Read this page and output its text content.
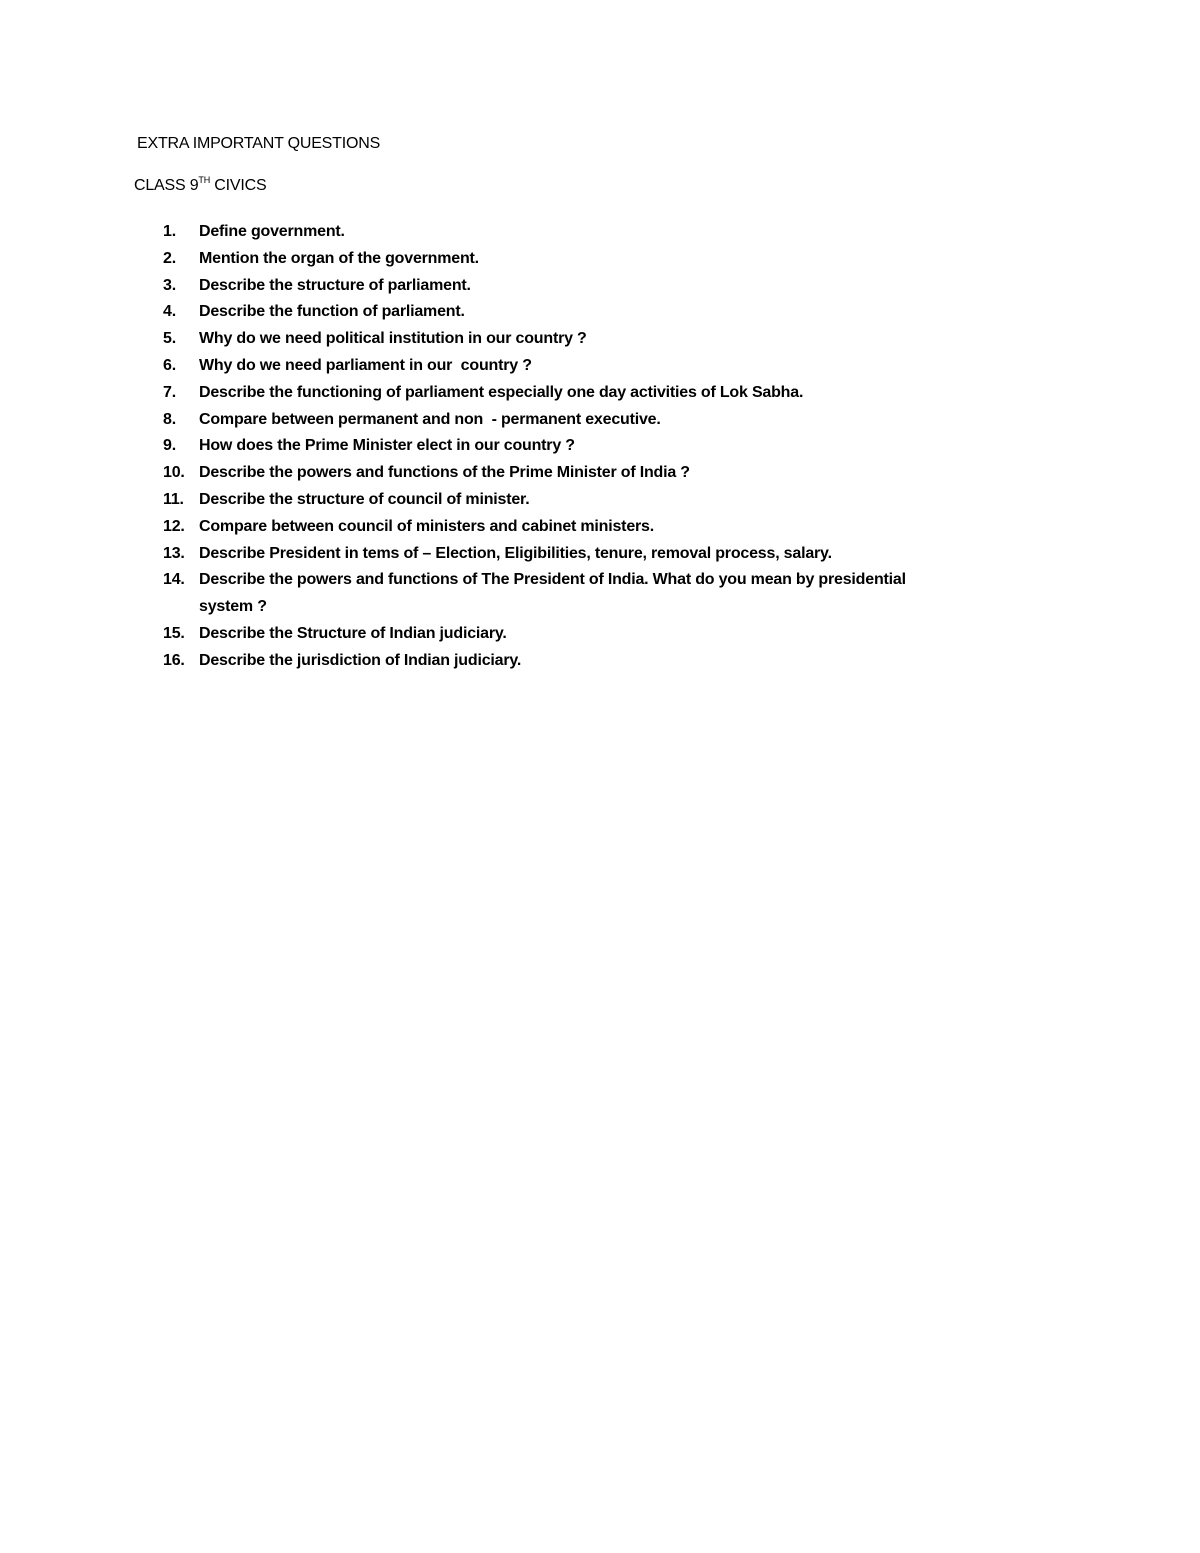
EXTRA IMPORTANT QUESTIONS
CLASS 9TH CIVICS
1.	Define government.
2.	Mention the organ of the government.
3.	Describe the structure of parliament.
4.	Describe the function of parliament.
5.	Why do we need political institution in our country ?
6.	Why do we need parliament in our  country ?
7.	Describe the functioning of parliament especially one day activities of Lok Sabha.
8.	Compare between permanent and non  - permanent executive.
9.	How does the Prime Minister elect in our country ?
10. Describe the powers and functions of the Prime Minister of India ?
11. Describe the structure of council of minister.
12. Compare between council of ministers and cabinet ministers.
13. Describe President in tems of – Election, Eligibilities, tenure, removal process, salary.
14. Describe the powers and functions of The President of India. What do you mean by presidential system ?
15. Describe the Structure of Indian judiciary.
16. Describe the jurisdiction of Indian judiciary.
